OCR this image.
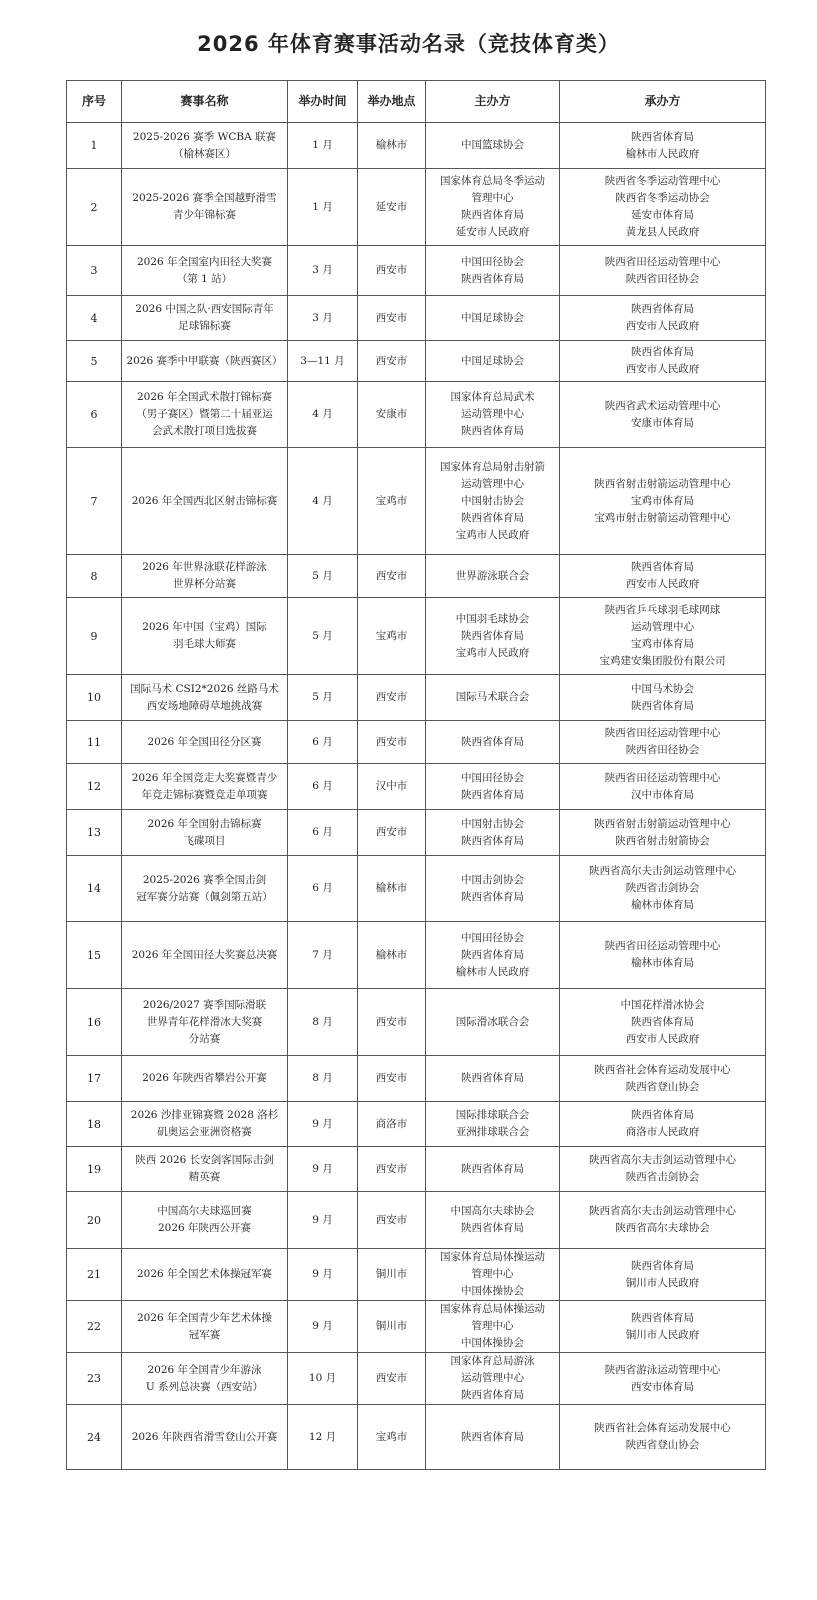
2026 年体育赛事活动名录（竞技体育类）
序号	赛事名称	举办时间	举办地点	主办方	承办方
1	2025-2026 赛季 WCBA 联赛
（榆林赛区）	1 月	榆林市	中国篮球协会	陕西省体育局
榆林市人民政府
2	2025-2026 赛季全国越野滑雪
青少年锦标赛	1 月	延安市	国家体育总局冬季运动
管理中心
陕西省体育局
延安市人民政府	陕西省冬季运动管理中心
陕西省冬季运动协会
延安市体育局
黄龙县人民政府
3	2026 年全国室内田径大奖赛
（第 1 站）	3 月	西安市	中国田径协会
陕西省体育局	陕西省田径运动管理中心
陕西省田径协会
4	2026 中国之队·西安国际青年
足球锦标赛	3 月	西安市	中国足球协会	陕西省体育局
西安市人民政府
5	2026 赛季中甲联赛（陕西赛区）	3—11 月	西安市	中国足球协会	陕西省体育局
西安市人民政府
6	2026 年全国武术散打锦标赛
（男子赛区）暨第二十届亚运
会武术散打项目选拔赛	4 月	安康市	国家体育总局武术
运动管理中心
陕西省体育局	陕西省武术运动管理中心
安康市体育局
7	2026 年全国西北区射击锦标赛	4 月	宝鸡市	国家体育总局射击射箭
运动管理中心
中国射击协会
陕西省体育局
宝鸡市人民政府	陕西省射击射箭运动管理中心
宝鸡市体育局
宝鸡市射击射箭运动管理中心
8	2026 年世界泳联花样游泳
世界杯分站赛	5 月	西安市	世界游泳联合会	陕西省体育局
西安市人民政府
9	2026 年中国（宝鸡）国际
羽毛球大师赛	5 月	宝鸡市	中国羽毛球协会
陕西省体育局
宝鸡市人民政府	陕西省乒乓球羽毛球网球
运动管理中心
宝鸡市体育局
宝鸡建安集团股份有限公司
10	国际马术 CSI2*2026 丝路马术
西安场地障碍草地挑战赛	5 月	西安市	国际马术联合会	中国马术协会
陕西省体育局
11	2026 年全国田径分区赛	6 月	西安市	陕西省体育局	陕西省田径运动管理中心
陕西省田径协会
12	2026 年全国竞走大奖赛暨青少
年竞走锦标赛暨竞走单项赛	6 月	汉中市	中国田径协会
陕西省体育局	陕西省田径运动管理中心
汉中市体育局
13	2026 年全国射击锦标赛
飞碟项目	6 月	西安市	中国射击协会
陕西省体育局	陕西省射击射箭运动管理中心
陕西省射击射箭协会
14	2025-2026 赛季全国击剑
冠军赛分站赛（佩剑第五站）	6 月	榆林市	中国击剑协会
陕西省体育局	陕西省高尔夫击剑运动管理中心
陕西省击剑协会
榆林市体育局
15	2026 年全国田径大奖赛总决赛	7 月	榆林市	中国田径协会
陕西省体育局
榆林市人民政府	陕西省田径运动管理中心
榆林市体育局
16	2026/2027 赛季国际滑联
世界青年花样滑冰大奖赛
分站赛	8 月	西安市	国际滑冰联合会	中国花样滑冰协会
陕西省体育局
西安市人民政府
17	2026 年陕西省攀岩公开赛	8 月	西安市	陕西省体育局	陕西省社会体育运动发展中心
陕西省登山协会
18	2026 沙排亚锦赛暨 2028 洛杉
矶奥运会亚洲资格赛	9 月	商洛市	国际排球联合会
亚洲排球联合会	陕西省体育局
商洛市人民政府
19	陕西 2026 长安剑客国际击剑
精英赛	9 月	西安市	陕西省体育局	陕西省高尔夫击剑运动管理中心
陕西省击剑协会
20	中国高尔夫球巡回赛
2026 年陕西公开赛	9 月	西安市	中国高尔夫球协会
陕西省体育局	陕西省高尔夫击剑运动管理中心
陕西省高尔夫球协会
21	2026 年全国艺术体操冠军赛	9 月	铜川市	国家体育总局体操运动
管理中心
中国体操协会	陕西省体育局
铜川市人民政府
22	2026 年全国青少年艺术体操
冠军赛	9 月	铜川市	国家体育总局体操运动
管理中心
中国体操协会	陕西省体育局
铜川市人民政府
23	2026 年全国青少年游泳
U 系列总决赛（西安站）	10 月	西安市	国家体育总局游泳
运动管理中心
陕西省体育局	陕西省游泳运动管理中心
西安市体育局
24	2026 年陕西省滑雪登山公开赛	12 月	宝鸡市	陕西省体育局	陕西省社会体育运动发展中心
陕西省登山协会
